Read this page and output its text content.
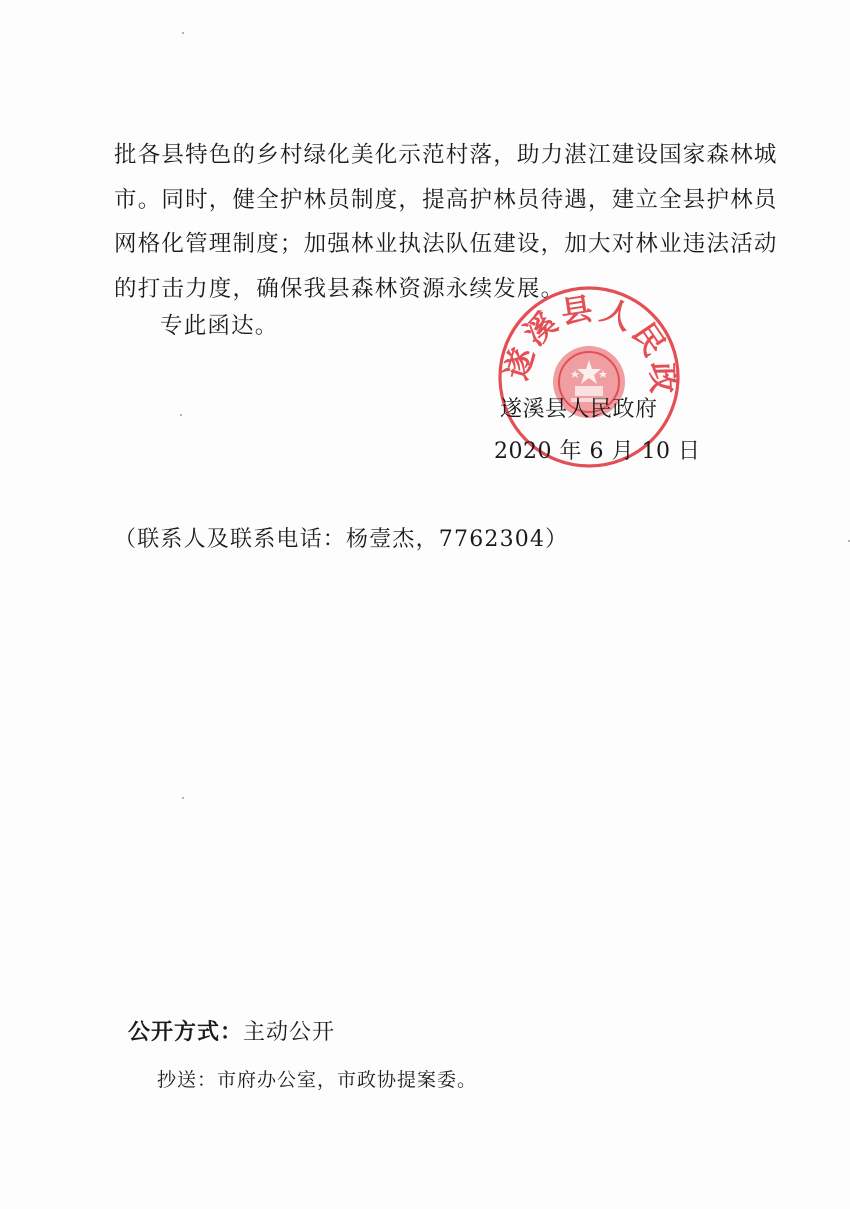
批各县特色的乡村绿化美化示范村落，助力湛江建设国家森林城
市。同时，健全护林员制度，提高护林员待遇，建立全县护林员
网格化管理制度；加强林业执法队伍建设，加大对林业违法活动
的打击力度，确保我县森林资源永续发展。
专此函达。
遂溪县人民政
遂溪县人民政府
2020 年 6 月 10 日
（联系人及联系电话：杨壹杰，7762304）
公开方式：主动公开
抄送：市府办公室，市政协提案委。
